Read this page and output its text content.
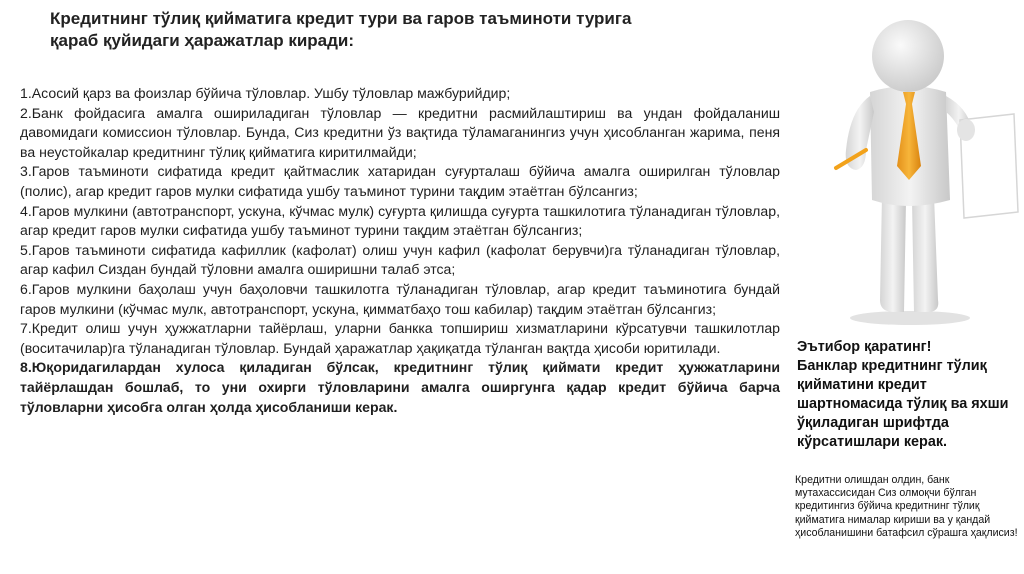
Кредитнинг тўлиқ қийматига кредит тури ва гаров таъминоти турига
қараб қуйидаги ҳаражатлар киради:

1.Асосий қарз ва фоизлар бўйича тўловлар. Ушбу тўловлар мажбурийдир;

2.Банк фойдасига амалга ошириладиган тўловлар — кредитни расмийлаштириш ва ундан фойдаланиш давомидаги комиссион тўловлар. Бунда, Сиз кредитни ўз вақтида тўламаганингиз учун ҳисобланган жарима, пеня ва неустойкалар кредитнинг тўлиқ қийматига киритилмайди;

3.Гаров таъминоти сифатида кредит қайтмаслик хатаридан суғурталаш бўйича амалга оширилган тўловлар (полис), агар кредит гаров мулки сифатида ушбу таъминот турини тақдим этаётган бўлсангиз;

4.Гаров мулкини (автотранспорт, ускуна, кўчмас мулк) суғурта қилишда суғурта ташкилотига тўланадиган тўловлар, агар кредит гаров мулки сифатида ушбу таъминот турини тақдим этаётган бўлсангиз;

5.Гаров таъминоти сифатида кафиллик (кафолат) олиш учун кафил (кафолат берувчи)га тўланадиган тўловлар, агар кафил Сиздан бундай тўловни амалга оширишни талаб этса;

6.Гаров мулкини баҳолаш учун баҳоловчи ташкилотга тўланадиган тўловлар, агар кредит таъминотига бундай гаров мулкини (кўчмас мулк, автотранспорт, ускуна, қимматбаҳо тош кабилар) тақдим этаётган бўлсангиз;

7.Кредит олиш учун ҳужжатларни тайёрлаш, уларни банкка топшириш хизматларини кўрсатувчи ташкилотлар (воситачилар)га тўланадиган тўловлар. Бундай ҳаражатлар ҳақиқатда тўланган вақтда ҳисоби юритилади.

8.Юқоридагилардан хулоса қиладиган бўлсак, кредитнинг тўлиқ қиймати кредит ҳужжатларини тайёрлашдан бошлаб, то уни охирги тўловларини амалга оширгунга қадар кредит бўйича барча тўловларни ҳисобга олган ҳолда ҳисобланиши керак.

Эътибор қаратинг!
Банклар кредитнинг тўлиқ қийматини кредит шартномасида тўлиқ ва яхши ўқиладиган шрифтда кўрсатишлари керак.
Кредитни олишдан олдин, банк мутахассисидан Сиз олмоқчи бўлган кредитингиз бўйича кредитнинг тўлиқ қийматига нималар кириши ва у қандай ҳисобланишини батафсил сўрашга ҳақлисиз!
